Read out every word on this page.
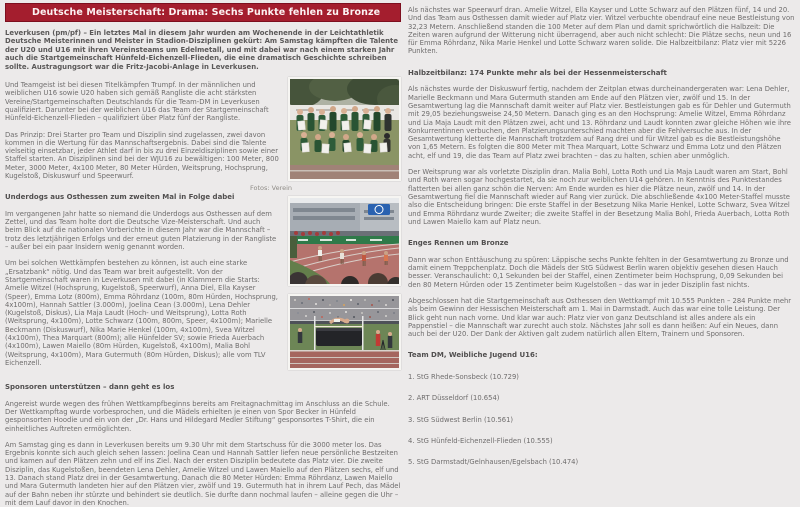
Deutsche Meisterschaft: Drama: Sechs Punkte fehlen zu Bronze

Leverkusen (pm/pf) – Ein letztes Mal in diesem Jahr wurden am Wochenende in der Leichtathletik Deutsche Meisterinnen und Meister in Stadion-Disziplinen gekürt: Am Samstag kämpften die Talente der U20 und U16 mit ihren Vereinsteams um Edelmetall, und mit dabei war nach einem starken Jahr auch die Startgemeinschaft Hünfeld-Eichenzell-Flieden, die eine dramatisch Geschichte schreiben sollte. Austragungsort war die Fritz-Jacobi-Anlage in Leverkusen.

Und Teamgeist ist bei diesen Titelkämpfen Trumpf. In der männlichen und weiblichen U16 sowie U20 haben sich gemäß Rangliste die acht stärksten Vereine/Startgemeinschaften Deutschlands für die Team-DM in Leverkusen qualifiziert. Darunter bei der weiblichen U16 das Team der Startgemeinschaft Hünfeld-Eichenzell-Flieden – qualifiziert über Platz fünf der Rangliste.

Das Prinzip: Drei Starter pro Team und Disziplin sind zugelassen, zwei davon kommen in die Wertung für das Mannschaftsergebnis. Dabei sind die Talente vielseitig einsetzbar, jeder Athlet darf in bis zu drei Einzeldisziplinen sowie einer Staffel starten. An Disziplinen sind bei der WJU16 zu bewältigen: 100 Meter, 800 Meter, 3000 Meter, 4x100 Meter, 80 Meter Hürden, Weitsprung, Hochsprung, Kugelstoß, Diskuswurf und Speerwurf.

Underdogs aus Osthessen zum zweiten Mal in Folge dabei

Im vergangenen Jahr hatte so niemand die Underdogs aus Osthessen auf dem Zettel, und das Team holte dort die Deutsche Vize-Meisterschaft. Und auch beim Blick auf die nationalen Vorberichte in diesem Jahr war die Mannschaft – trotz des letztjährigen Erfolgs und der erneut guten Platzierung in der Rangliste – außer bei ein paar Insidern wenig genannt worden.

Um bei solchen Wettkämpfen bestehen zu können, ist auch eine starke „Ersatzbank“ nötig. Und das Team war breit aufgestellt. Von der Startgemeinschaft waren in Leverkusen mit dabei (in Klammern die Starts: Amelie Witzel (Hochsprung, Kugelstoß, Speerwurf), Anna Diel, Ella Kayser (Speer), Emma Lotz (800m), Emma Röhrdanz (100m, 80m Hürden, Hochsprung, 4x100m), Hannah Sattler (3.000m), Joelina Cean (3.000m), Lena Dehler (Kugelstoß, Diskus), Lia Maja Laudt (Hoch- und Weitsprung), Lotta Roth (Weitsprung, 4x100m), Lotte Schwarz (100m, 800m, Speer, 4x100m); Marielle Beckmann (Diskuswurf), Nika Marie Henkel (100m, 4x100m), Svea Witzel (4x100m), Thea Marquart (800m); alle Hünfelder SV; sowie Frieda Auerbach (4x100m), Lawen Maiello (80m Hürden, Kugelstoß, 4x100m), Malia Bohl (Weitsprung, 4x100m), Mara Gutermuth (80m Hürden, Diskus); alle vom TLV Eichenzell.

Fotos: Verein
Sponsoren unterstützen – dann geht es los

Angereist wurde wegen des frühen Wettkampfbeginns bereits am Freitagnachmittag im Anschluss an die Schule. Der Wettkampftag wurde vorbesprochen, und die Mädels erhielten je einen von Spor Becker in Hünfeld gesponsorten Hoodie und ein von der „Dr. Hans und Hildegard Medler Stiftung“ gesponsortes T-Shirt, die ein einheitliches Auftreten ermöglichten.

Am Samstag ging es dann in Leverkusen bereits um 9.30 Uhr mit dem Startschuss für die 3000 meter los. Das Ergebnis konnte sich auch gleich sehen lassen: Joelina Cean und Hannah Sattler liefen neue persönliche Bestzeiten und kamen auf den Plätzen zehn und elf ins Ziel. Nach der ersten Disziplin bedeutete das Platz vier. Die zweite Disziplin, das Kugelstoßen, beendeten Lena Dehler, Amelie Witzel und Lawen Maiello auf den Plätzen sechs, elf und 13. Danach stand Platz drei in der Gesamtwertung. Danach die 80 Meter Hürden: Emma Röhrdanz, Lawen Maiello und Mara Gutermuth landeten hier auf den Plätzen vier, zwölf und 19. Gutermuth hat in ihrem Lauf Pech, das Mädel auf der Bahn neben ihr stürzte und behindert sie deutlich. Sie durfte dann nochmal laufen – alleine gegen die Uhr – mit dem Lauf davor in den Knochen.

Als nächstes war Speerwurf dran. Amelie Witzel, Ella Kayser und Lotte Schwarz auf den Plätzen fünf, 14 und 20. Und das Team aus Osthessen damit wieder auf Platz vier. Witzel verbuchte obendrauf eine neue Bestleistung von 32,23 Metern. Anschließend standen die 100 Meter auf dem Plan und damit sprichwörtlich die Halbzeit: Die Zeiten waren aufgrund der Witterung nicht überragend, aber auch nicht schlecht: Die Plätze sechs, neun und 16 für Emma Röhrdanz, Nika Marie Henkel und Lotte Schwarz waren solide. Die Halbzeitbilanz: Platz vier mit 5226 Punkten.

Halbzeitbilanz: 174 Punkte mehr als bei der Hessenmeisterschaft

Als nächstes wurde der Diskuswurf fertig, nachdem der Zeitplan etwas durcheinandergeraten war: Lena Dehler, Marielle Beckmann und Mara Gutermuth standen am Ende auf den Plätzen vier, zwölf und 15. In der Gesamtwertung lag die Mannschaft damit weiter auf Platz vier. Bestleistungen gab es für Dehler und Gutermuth mit 29,05 beziehungsweise 24,50 Metern. Danach ging es an den Hochsprung: Amelie Witzel, Emma Röhrdanz und Lia Maja Laudt mit den Plätzen zwei, acht und 13. Röhrdanz und Laudt konnten zwar gleiche Höhen wie ihre Konkurrentinnen verbuchen, den Platzierungsunterschied machten aber die Fehlversuche aus. In der Gesamtwertung kletterte die Mannschaft trotzdem auf Rang drei und für Witzel gab es die Bestleistungshöhe von 1,65 Metern. Es folgten die 800 Meter mit Thea Marquart, Lotte Schwarz und Emma Lotz und den Plätzen acht, elf und 19, die das Team auf Platz zwei brachten – das zu halten, schien aber unmöglich.

Der Weitsprung war als vorletzte Disziplin dran. Malia Bohl, Lotta Roth und Lia Maja Laudt waren am Start, Bohl und Roth waren sogar hochgestartet, da sie noch zur weiblichen U14 gehören. In Kenntnis des Punktestandes flatterten bei allen ganz schön die Nerven: Am Ende wurden es hier die Plätze neun, zwölf und 14. In der Gesamtwertung fiel die Mannschaft wieder auf Rang vier zurück. Die abschließende 4x100 Meter-Staffel musste also die Entscheidung bringen: Die erste Staffel in der Besetzung Nika Marie Henkel, Lotte Schwarz, Svea Witzel und Emma Röhrdanz wurde Zweiter; die zweite Staffel in der Besetzung Malia Bohl, Frieda Auerbach, Lotta Roth und Lawen Maiello kam auf Platz neun.

Enges Rennen um Bronze

Dann war schon Enttäuschung zu spüren: Läppische sechs Punkte fehlten in der Gesamtwertung zu Bronze und damit einem Treppchenplatz. Doch die Mädels der StG Südwest Berlin waren objektiv gesehen diesen Hauch besser. Veranschaulicht: 0,1 Sekunden bei der Staffel, einen Zentimeter beim Hochsprung, 0,09 Sekunden bei den 80 Metern Hürden oder 15 Zentimeter beim Kugelstoßen – das war in jeder Disziplin fast nichts.

Abgeschlossen hat die Startgemeinschaft aus Osthessen den Wettkampf mit 10.555 Punkten – 284 Punkte mehr als beim Gewinn der Hessischen Meisterschaft am 1. Mai in Darmstadt. Auch das war eine tolle Leistung. Der Blick geht nun nach vorne. Und klar war auch: Platz vier von ganz Deutschland ist alles andere als ein Pappenstiel – die Mannschaft war zurecht auch stolz. Nächstes Jahr soll es dann heißen: Auf ein Neues, dann auch bei der U20. Der Dank der Aktiven galt zudem natürlich allen Eltern, Trainern und Sponsoren.

Team DM, Weibliche Jugend U16:
1. StG Rhede-Sonsbeck (10.729)
2. ART Düsseldorf (10.654)
3. StG Südwest Berlin (10.561)
4. StG Hünfeld-Eichenzell-Flieden (10.555)
5. StG Darmstadt/Gelnhausen/Egelsbach (10.474)
